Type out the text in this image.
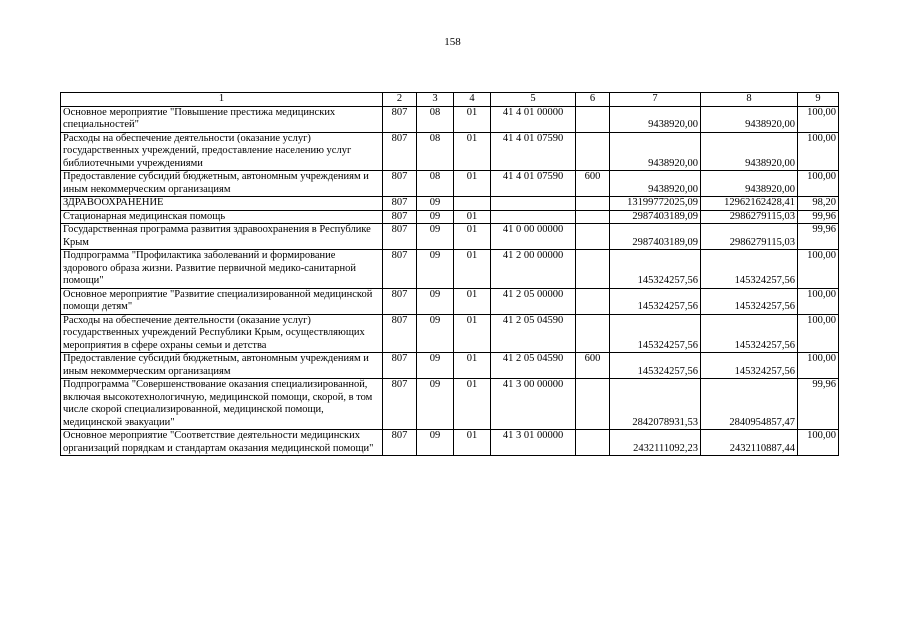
158
1	2	3	4	5	6	7	8	9
Основное мероприятие "Повышение престижа медицинских специальностей"	807	08	01	41 4 01 00000		9438920,00	9438920,00	100,00
Расходы на обеспечение деятельности (оказание услуг) государственных учреждений, предоставление населению услуг библиотечными учреждениями	807	08	01	41 4 01 07590		9438920,00	9438920,00	100,00
Предоставление субсидий бюджетным, автономным учреждениям и иным некоммерческим организациям	807	08	01	41 4 01 07590	600	9438920,00	9438920,00	100,00
ЗДРАВООХРАНЕНИЕ	807	09				13199772025,09	12962162428,41	98,20
Стационарная медицинская помощь	807	09	01			2987403189,09	2986279115,03	99,96
Государственная программа развития здравоохранения в Республике Крым	807	09	01	41 0 00 00000		2987403189,09	2986279115,03	99,96
Подпрограмма "Профилактика заболеваний и формирование здорового образа жизни. Развитие первичной медико-санитарной помощи"	807	09	01	41 2 00 00000		145324257,56	145324257,56	100,00
Основное мероприятие "Развитие специализированной медицинской помощи детям"	807	09	01	41 2 05 00000		145324257,56	145324257,56	100,00
Расходы на обеспечение деятельности (оказание услуг) государственных учреждений Республики Крым, осуществляющих мероприятия в сфере охраны семьи и детства	807	09	01	41 2 05 04590		145324257,56	145324257,56	100,00
Предоставление субсидий бюджетным, автономным учреждениям и иным некоммерческим организациям	807	09	01	41 2 05 04590	600	145324257,56	145324257,56	100,00
Подпрограмма "Совершенствование оказания специализированной, включая высокотехнологичную, медицинской помощи, скорой, в том числе скорой специализированной, медицинской помощи, медицинской эвакуации"	807	09	01	41 3 00 00000		2842078931,53	2840954857,47	99,96
Основное мероприятие "Соответствие деятельности медицинских организаций порядкам и стандартам оказания медицинской помощи"	807	09	01	41 3 01 00000		2432111092,23	2432110887,44	100,00
